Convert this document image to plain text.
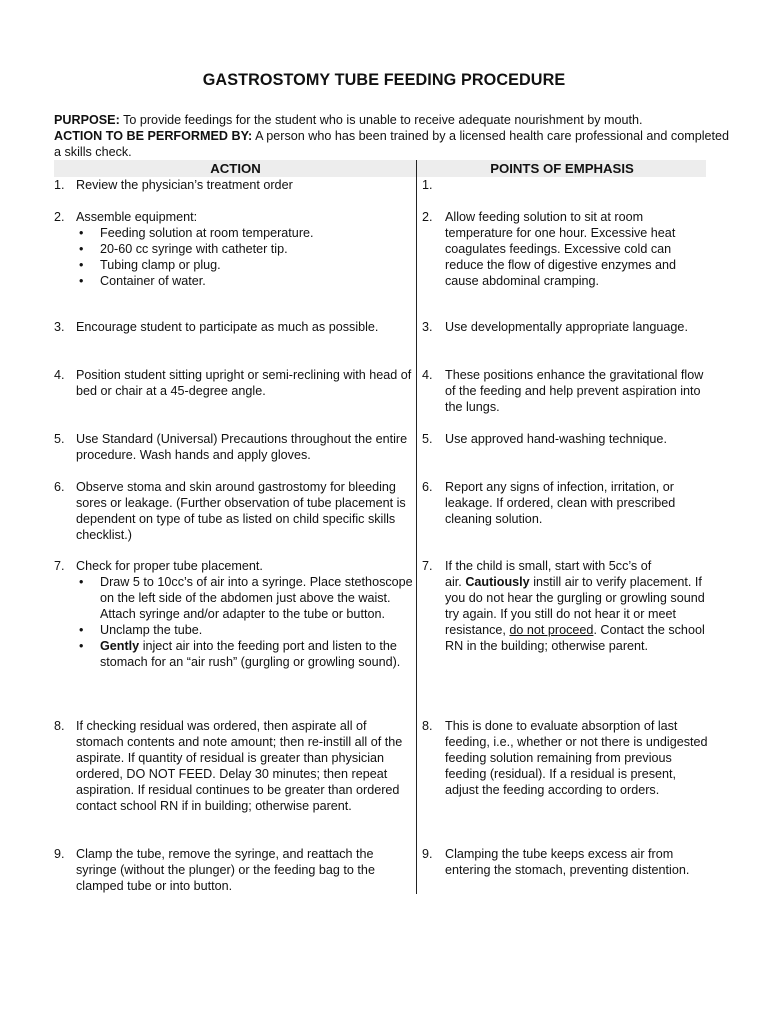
GASTROSTOMY TUBE FEEDING PROCEDURE

PURPOSE: To provide feedings for the student who is unable to receive adequate nourishment by mouth.

ACTION TO BE PERFORMED BY: A person who has been trained by a licensed health care professional and completed a skills check.

ACTION	POINTS OF EMPHASIS
1. Review the physician’s treatment order	1.
2. Assemble equipment:
• Feeding solution at room temperature.
• 20-60 cc syringe with catheter tip.
• Tubing clamp or plug.
• Container of water.
2. Allow feeding solution to sit at room temperature for one hour. Excessive heat coagulates feedings. Excessive cold can reduce the flow of digestive enzymes and cause abdominal cramping.
3. Encourage student to participate as much as possible.	3. Use developmentally appropriate language.
4. Position student sitting upright or semi-reclining with head of bed or chair at a 45-degree angle.
4. These positions enhance the gravitational flow of the feeding and help prevent aspiration into the lungs.
5. Use Standard (Universal) Precautions throughout the entire procedure. Wash hands and apply gloves.
5. Use approved hand-washing technique.
6. Observe stoma and skin around gastrostomy for bleeding sores or leakage. (Further observation of tube placement is dependent on type of tube as listed on child specific skills checklist.)
6. Report any signs of infection, irritation, or leakage. If ordered, clean with prescribed cleaning solution.
7. Check for proper tube placement.
• Draw 5 to 10cc’s of air into a syringe. Place stethoscope on the left side of the abdomen just above the waist. Attach syringe and/or adapter to the tube or button.
• Unclamp the tube.
• Gently inject air into the feeding port and listen to the stomach for an “air rush” (gurgling or growling sound).
7. If the child is small, start with 5cc’s of
air. Cautiously instill air to verify placement. If you do not hear the gurgling or growling sound try again. If you still do not hear it or meet resistance, do not proceed. Contact the school RN in the building; otherwise parent.
8. If checking residual was ordered, then aspirate all of stomach contents and note amount; then re-instill all of the aspirate. If quantity of residual is greater than physician ordered, DO NOT FEED. Delay 30 minutes; then repeat aspiration. If residual continues to be greater than ordered contact school RN if in building; otherwise parent.
8. This is done to evaluate absorption of last feeding, i.e., whether or not there is undigested feeding solution remaining from previous feeding (residual). If a residual is present, adjust the feeding according to orders.
9. Clamp the tube, remove the syringe, and reattach the syringe (without the plunger) or the feeding bag to the clamped tube or into button.
9. Clamping the tube keeps excess air from entering the stomach, preventing distention.
